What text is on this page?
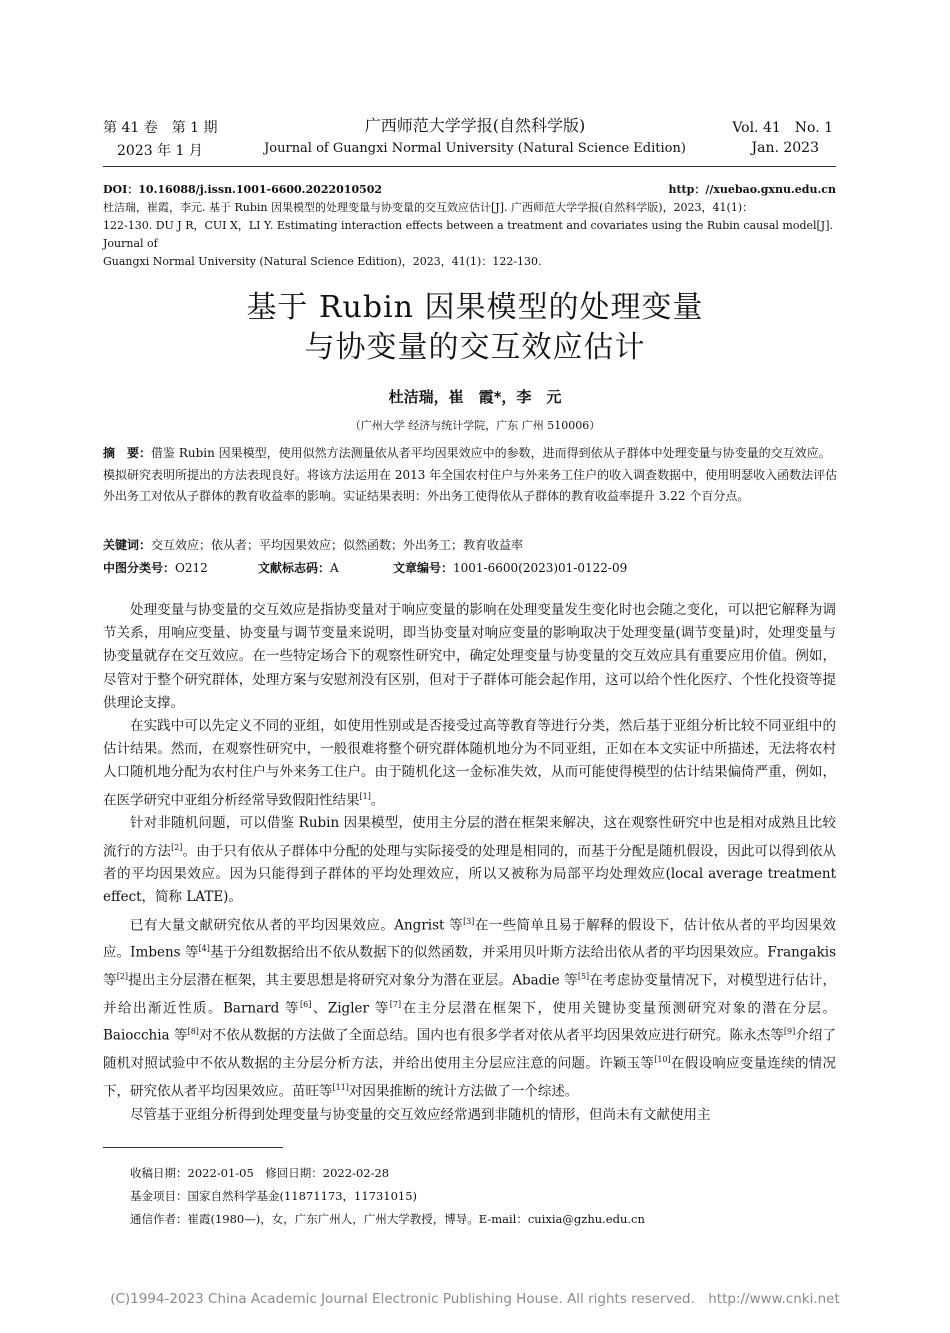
第 41 卷　第 1 期
2023 年 1 月
广西师范大学学报(自然科学版)
Journal of Guangxi Normal University (Natural Science Edition)
Vol. 41　No. 1
Jan. 2023
DOI：10.16088/j.issn.1001-6600.2022010502	http：//xuebao.gxnu.edu.cn
杜洁瑞，崔霞，李元. 基于 Rubin 因果模型的处理变量与协变量的交互效应估计[J]. 广西师范大学学报(自然科学版)，2023，41(1)：
122-130. DU J R，CUI X，LI Y. Estimating interaction effects between a treatment and covariates using the Rubin causal model[J]. Journal of
Guangxi Normal University (Natural Science Edition)，2023，41(1)：122-130.
基于 Rubin 因果模型的处理变量
与协变量的交互效应估计
杜洁瑞，崔　霞*，李　元
（广州大学 经济与统计学院，广东 广州 510006）
摘　要：借鉴 Rubin 因果模型，使用似然方法测量依从者平均因果效应中的参数，进而得到依从子群体中处理变量与协变量的交互效应。模拟研究表明所提出的方法表现良好。将该方法运用在 2013 年全国农村住户与外来务工住户的收入调查数据中，使用明瑟收入函数法评估外出务工对依从子群体的教育收益率的影响。实证结果表明：外出务工使得依从子群体的教育收益率提升 3.22 个百分点。
关键词：交互效应；依从者；平均因果效应；似然函数；外出务工；教育收益率
中图分类号：O212	文献标志码：A	文章编号：1001-6600(2023)01-0122-09

处理变量与协变量的交互效应是指协变量对于响应变量的影响在处理变量发生变化时也会随之变化，可以把它解释为调节关系，用响应变量、协变量与调节变量来说明，即当协变量对响应变量的影响取决于处理变量(调节变量)时，处理变量与协变量就存在交互效应。在一些特定场合下的观察性研究中，确定处理变量与协变量的交互效应具有重要应用价值。例如，尽管对于整个研究群体，处理方案与安慰剂没有区别，但对于子群体可能会起作用，这可以给个性化医疗、个性化投资等提供理论支撑。

在实践中可以先定义不同的亚组，如使用性别或是否接受过高等教育等进行分类，然后基于亚组分析比较不同亚组中的估计结果。然而，在观察性研究中，一般很难将整个研究群体随机地分为不同亚组，正如在本文实证中所描述，无法将农村人口随机地分配为农村住户与外来务工住户。由于随机化这一金标准失效，从而可能使得模型的估计结果偏倚严重，例如，在医学研究中亚组分析经常导致假阳性结果[1]。

针对非随机问题，可以借鉴 Rubin 因果模型，使用主分层的潜在框架来解决，这在观察性研究中也是相对成熟且比较流行的方法[2]。由于只有依从子群体中分配的处理与实际接受的处理是相同的，而基于分配是随机假设，因此可以得到依从者的平均因果效应。因为只能得到子群体的平均处理效应，所以又被称为局部平均处理效应(local average treatment effect，简称 LATE)。

已有大量文献研究依从者的平均因果效应。Angrist 等[3]在一些简单且易于解释的假设下，估计依从者的平均因果效应。Imbens 等[4]基于分组数据给出不依从数据下的似然函数，并采用贝叶斯方法给出依从者的平均因果效应。Frangakis 等[2]提出主分层潜在框架，其主要思想是将研究对象分为潜在亚层。Abadie 等[5]在考虑协变量情况下，对模型进行估计，并给出渐近性质。Barnard 等[6]、Zigler 等[7]在主分层潜在框架下，使用关键协变量预测研究对象的潜在分层。Baiocchia 等[8]对不依从数据的方法做了全面总结。国内也有很多学者对依从者平均因果效应进行研究。陈永杰等[9]介绍了随机对照试验中不依从数据的主分层分析方法，并给出使用主分层应注意的问题。许颖玉等[10]在假设响应变量连续的情况下，研究依从者平均因果效应。苗旺等[11]对因果推断的统计方法做了一个综述。

尽管基于亚组分析得到处理变量与协变量的交互效应经常遇到非随机的情形，但尚未有文献使用主

收稿日期：2022-01-05　修回日期：2022-02-28
基金项目：国家自然科学基金(11871173，11731015)
通信作者：崔霞(1980—)，女，广东广州人，广州大学教授，博导。E-mail：cuixia@gzhu.edu.cn
(C)1994-2023 China Academic Journal Electronic Publishing House. All rights reserved.　http://www.cnki.net
